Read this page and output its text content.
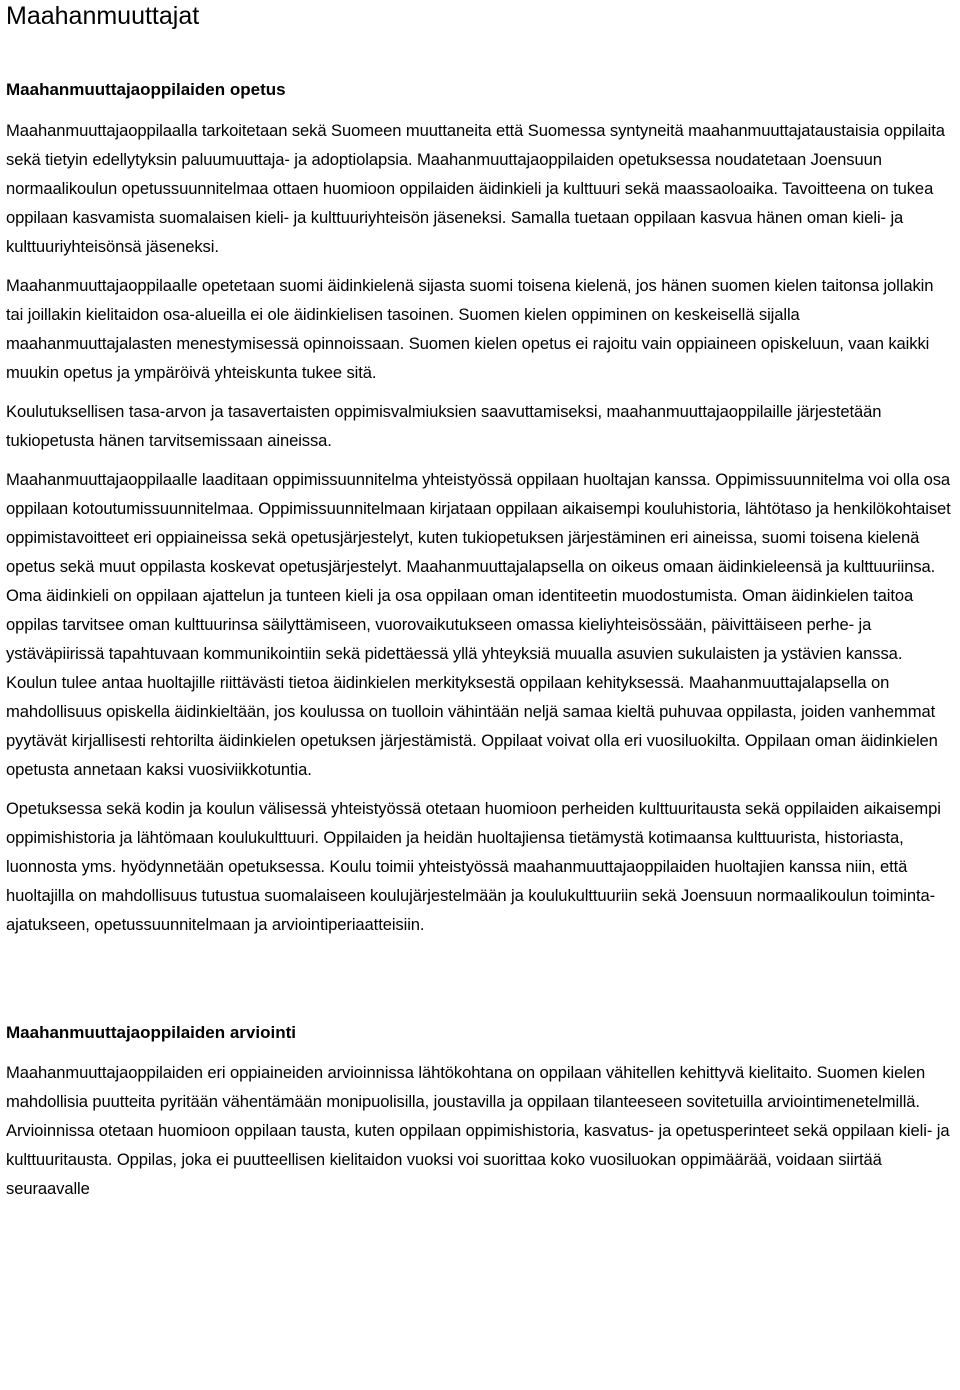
Maahanmuuttajat
Maahanmuuttajaoppilaiden opetus

Maahanmuuttajaoppilaalla tarkoitetaan sekä Suomeen muuttaneita että Suomessa syntyneitä maahanmuuttajataustaisia oppilaita sekä tietyin edellytyksin paluumuuttaja- ja adoptiolapsia. Maahanmuuttajaoppilaiden opetuksessa noudatetaan Joensuun normaalikoulun opetussuunnitelmaa ottaen huomioon oppilaiden äidinkieli ja kulttuuri sekä maassaoloaika. Tavoitteena on tukea oppilaan kasvamista suomalaisen kieli- ja kulttuuriyhteisön jäseneksi. Samalla tuetaan oppilaan kasvua hänen oman kieli- ja kulttuuriyhteisönsä jäseneksi.

Maahanmuuttajaoppilaalle opetetaan suomi äidinkielenä sijasta suomi toisena kielenä, jos hänen suomen kielen taitonsa jollakin tai joillakin kielitaidon osa-alueilla ei ole äidinkielisen tasoinen. Suomen kielen oppiminen on keskeisellä sijalla maahanmuuttajalasten menestymisessä opinnoissaan. Suomen kielen opetus ei rajoitu vain oppiaineen opiskeluun, vaan kaikki muukin opetus ja ympäröivä yhteiskunta tukee sitä.

Koulutuksellisen tasa-arvon ja tasavertaisten oppimisvalmiuksien saavuttamiseksi, maahanmuuttajaoppilaille järjestetään tukiopetusta hänen tarvitsemissaan aineissa.

Maahanmuuttajaoppilaalle laaditaan oppimissuunnitelma yhteistyössä oppilaan huoltajan kanssa. Oppimissuunnitelma voi olla osa oppilaan kotoutumissuunnitelmaa. Oppimissuunnitelmaan kirjataan oppilaan aikaisempi kouluhistoria, lähtötaso ja henkilökohtaiset oppimistavoitteet eri oppiaineissa sekä opetusjärjestelyt, kuten tukiopetuksen järjestäminen eri aineissa, suomi toisena kielenä opetus sekä muut oppilasta koskevat opetusjärjestelyt. Maahanmuuttajalapsella on oikeus omaan äidinkieleensä ja kulttuuriinsa. Oma äidinkieli on oppilaan ajattelun ja tunteen kieli ja osa oppilaan oman identiteetin muodostumista. Oman äidinkielen taitoa oppilas tarvitsee oman kulttuurinsa säilyttämiseen, vuorovaikutukseen omassa kieliyhteisössään, päivittäiseen perhe- ja ystäväpiirissä tapahtuvaan kommunikointiin sekä pidettäessä yllä yhteyksiä muualla asuvien sukulaisten ja ystävien kanssa. Koulun tulee antaa huoltajille riittävästi tietoa äidinkielen merkityksestä oppilaan kehityksessä. Maahanmuuttajalapsella on mahdollisuus opiskella äidinkieltään, jos koulussa on tuolloin vähintään neljä samaa kieltä puhuvaa oppilasta, joiden vanhemmat pyytävät kirjallisesti rehtorilta äidinkielen opetuksen järjestämistä. Oppilaat voivat olla eri vuosiluokilta. Oppilaan oman äidinkielen opetusta annetaan kaksi vuosiviikkotuntia.

Opetuksessa sekä kodin ja koulun välisessä yhteistyössä otetaan huomioon perheiden kulttuuritausta sekä oppilaiden aikaisempi oppimishistoria ja lähtömaan koulukulttuuri. Oppilaiden ja heidän huoltajiensa tietämystä kotimaansa kulttuurista, historiasta, luonnosta yms. hyödynnetään opetuksessa. Koulu toimii yhteistyössä maahanmuuttajaoppilaiden huoltajien kanssa niin, että huoltajilla on mahdollisuus tutustua suomalaiseen koulujärjestelmään ja koulukulttuuriin sekä Joensuun normaalikoulun toiminta-ajatukseen, opetussuunnitelmaan ja arviointiperiaatteisiin.

Maahanmuuttajaoppilaiden arviointi

Maahanmuuttajaoppilaiden eri oppiaineiden arvioinnissa lähtökohtana on oppilaan vähitellen kehittyvä kielitaito. Suomen kielen mahdollisia puutteita pyritään vähentämään monipuolisilla, joustavilla ja oppilaan tilanteeseen sovitetuilla arviointimenetelmillä. Arvioinnissa otetaan huomioon oppilaan tausta, kuten oppilaan oppimishistoria, kasvatus- ja opetusperinteet sekä oppilaan kieli- ja kulttuuritausta. Oppilas, joka ei puutteellisen kielitaidon vuoksi voi suorittaa koko vuosiluokan oppimäärää, voidaan siirtää seuraavalle
